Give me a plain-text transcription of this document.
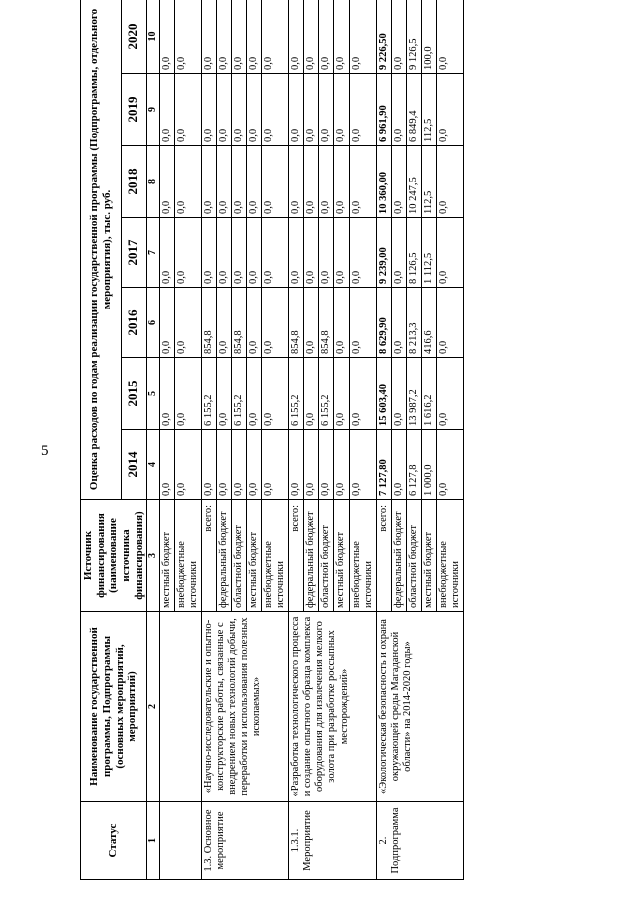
5
Статус	Наименование государственной программы, Подпрограммы (основных мероприятий, мероприятий)	Источник финансирования (наименование источника финансирования)	Оценка расходов по годам реализации государственной программы (Подпрограммы, отдельного мероприятия), тыс. руб.						
			2014	2015	2016	2017	2018	2019	2020
1	2	3	4	5	6	7	8	9	10
		местный бюджет	0,0	0,0	0,0	0,0	0,0	0,0	0,0
		внебюджетные источники	0,0	0,0	0,0	0,0	0,0	0,0	0,0
1.3. Основное мероприятие	«Научно-исследовательские и опытно-конструкторские работы, связанные с внедрением новых технологий добычи, переработки и использования полезных ископаемых»	всего:	0,0	6 155,2	854,8	0,0	0,0	0,0	0,0
		федеральный бюджет	0,0	0,0	0,0	0,0	0,0	0,0	0,0
		областной бюджет	0,0	6 155,2	854,8	0,0	0,0	0,0	0,0
		местный бюджет	0,0	0,0	0,0	0,0	0,0	0,0	0,0
		внебюджетные источники	0,0	0,0	0,0	0,0	0,0	0,0	0,0
1.3.1. Мероприятие	«Разработка технологического процесса и создание опытного образца комплекса оборудования для извлечения мелкого золота при разработке россыпных месторождений»	всего:	0,0	6 155,2	854,8	0,0	0,0	0,0	0,0
		федеральный бюджет	0,0	0,0	0,0	0,0	0,0	0,0	0,0
		областной бюджет	0,0	6 155,2	854,8	0,0	0,0	0,0	0,0
		местный бюджет	0,0	0,0	0,0	0,0	0,0	0,0	0,0
		внебюджетные источники	0,0	0,0	0,0	0,0	0,0	0,0	0,0
2. Подпрограмма	«Экологическая безопасность и охрана окружающей среды Магаданской области» на 2014-2020 годы»	всего:	7 127,80	15 603,40	8 629,90	9 239,00	10 360,00	6 961,90	9 226,50
		федеральный бюджет	0,0	0,0	0,0	0,0	0,0	0,0	0,0
		областной бюджет	6 127,8	13 987,2	8 213,3	8 126,5	10 247,5	6 849,4	9 126,5
		местный бюджет	1 000,0	1 616,2	416,6	1 112,5	112,5	112,5	100,0
		внебюджетные источники	0,0	0,0	0,0	0,0	0,0	0,0	0,0
